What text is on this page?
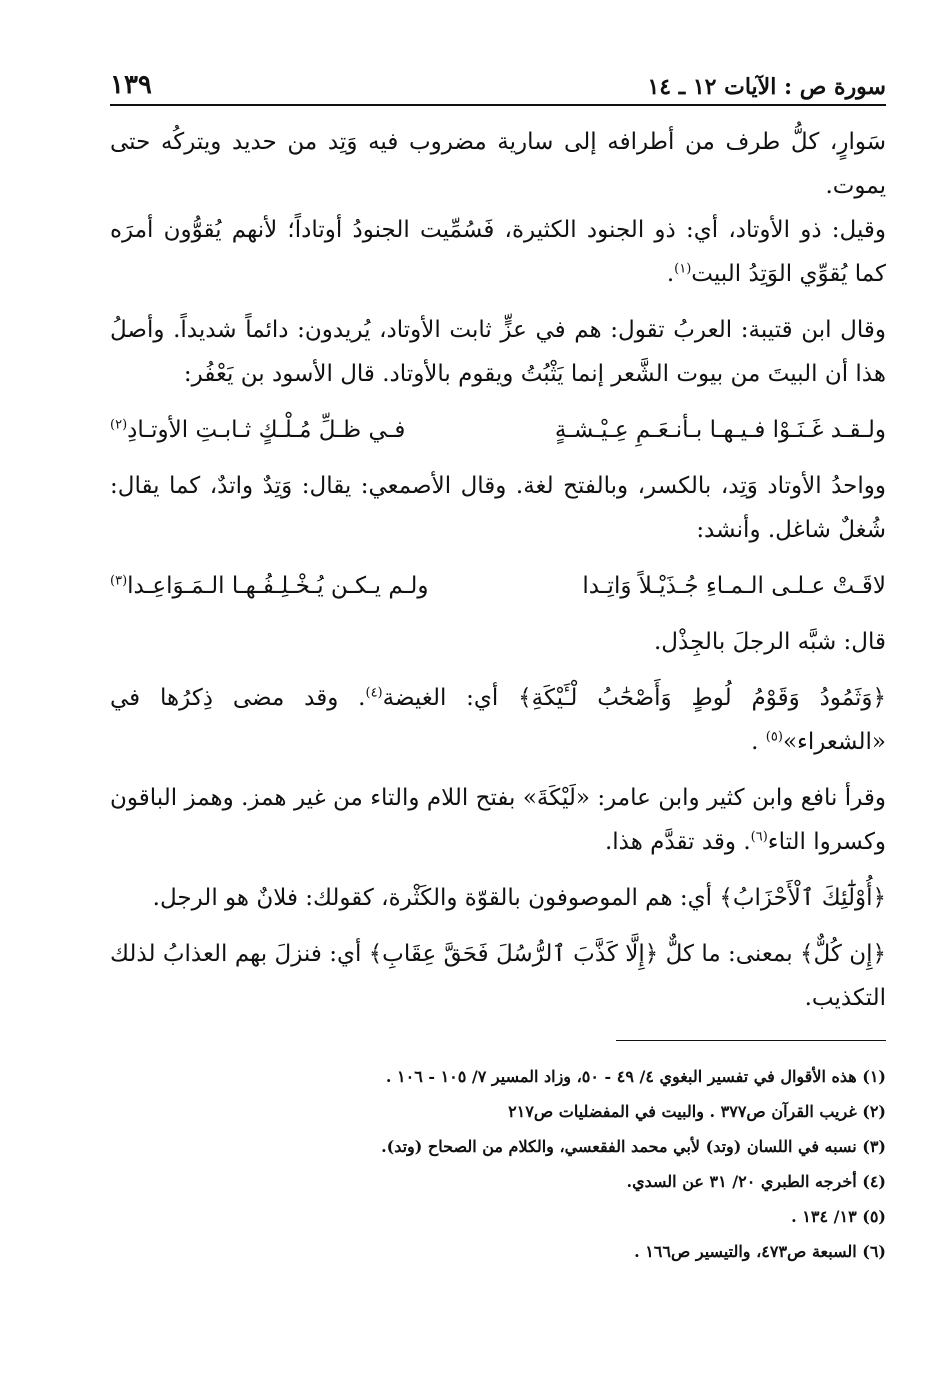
سورة ص : الآيات ١٢ ـ ١٤
١٣٩

سَوارٍ، كلُّ طرف من أطرافه إلى سارية مضروب فيه وَتِد من حديد ويتركُه حتى يموت.

وقيل: ذو الأوتاد، أي: ذو الجنود الكثيرة، فَسُمِّيت الجنودُ أوتاداً؛ لأنهم يُقوُّون أمرَه كما يُقوِّي الوَتِدُ البيت$^{(١)}$.

وقال ابن قتيبة: العربُ تقول: هم في عزٍّ ثابت الأوتاد، يُريدون: دائماً شديداً. وأصلُ هذا أن البيتَ من بيوت الشَّعر إنما يَثْبُتُ ويقوم بالأوتاد. قال الأسود بن يَعْفُر:

ولـقـد غَـنَـوْا فـيـهـا بـأنـعَـمِ عِـيْـشـةٍ
فـي ظـلِّ مُـلْـكٍ ثـابـتِ الأوتـادِ$^{(٢)}$

وواحدُ الأوتاد وَتِد، بالكسر، وبالفتح لغة. وقال الأصمعي: يقال: وَتِدٌ واتدٌ، كما يقال: شُغلٌ شاغل. وأنشد:

لاقَـتْ عـلـى الـمـاءِ جُـذَيْـلاً وَاتِـدا
ولـم يـكـن يُـخْـلِـفُـهـا الـمَـوَاعِـدا$^{(٣)}$

قال: شبَّه الرجلَ بالجِذْل.

﴿وَثَمُودُ وَقَوْمُ لُوطٍ وَأَصْحَٰبُ لْـَٔيْكَةِ﴾ أي: الغيضة$^{(٤)}$. وقد مضى ذِكرُها في «الشعراء»$^{(٥)}$ .

وقرأ نافع وابن كثير وابن عامر: «لَيْكَةَ» بفتح اللام والتاء من غير همز. وهمز الباقون وكسروا التاء$^{(٦)}$. وقد تقدَّم هذا.

﴿أُوْلَٰٓئِكَ ٱلْأَحْزَابُ﴾ أي: هم الموصوفون بالقوّة والكَثْرة، كقولك: فلانٌ هو الرجل.

﴿إِن كُلٌّ﴾ بمعنى: ما كلٌّ ﴿إِلَّا كَذَّبَ ٱلرُّسُلَ فَحَقَّ عِقَابِ﴾ أي: فنزلَ بهم العذابُ لذلك التكذيب.

(١) هذه الأقوال في تفسير البغوي ٤/ ٤٩ - ٥٠، وزاد المسير ٧/ ١٠٥ - ١٠٦ .
(٢) غريب القرآن ص٣٧٧ . والبيت في المفضليات ص٢١٧
(٣) نسبه في اللسان (وتد) لأبي محمد الفقعسي، والكلام من الصحاح (وتد).
(٤) أخرجه الطبري ٢٠/ ٣١ عن السدي.
(٥) ١٣/ ١٣٤ .
(٦) السبعة ص٤٧٣، والتيسير ص١٦٦ .
